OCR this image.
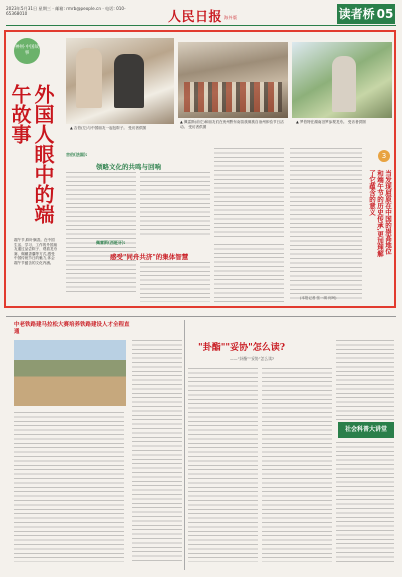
2023年5月31日 星期三 · 邮箱: rmrb@people.cn · 电话: 010-65368010	人民日报 海外版	读者桥 05
神州·中国故事
▲ 吉伯(左)与中国朋友一起包粽子。 受访者供图
▲ 佩雷斯(前左)和朋友们在贵州黔东南苗族侗族自治州体验节日活动。 受访者供图
▲ 罗伯特在湖南汨罗参观龙舟。 受访者供图
外国人眼中的端午故事
端午节,粽叶飘香。在中国生活、学习、工作的外国朋友通过品尝粽子、观看龙舟赛、佩戴香囊等方式,感受中国传统节日的魅力,体会端午节蕴含的文化内涵。
吉伯(法国):
领略文化的共鸣与回响
佩雷斯(西班牙):
感受"同舟共济"的集体智慧
3
当发现屈原在中国的崇高地位和端午节的历史传承,更加理解了它蕴含的意义
(本报记者 张一琪 何珂)
中老铁路建马拉松大赛培养铁路建设人才全程直通
"卦酯""妥协"怎么读?
——“卦酯”“妥协”怎么读?
社会科普大讲堂
